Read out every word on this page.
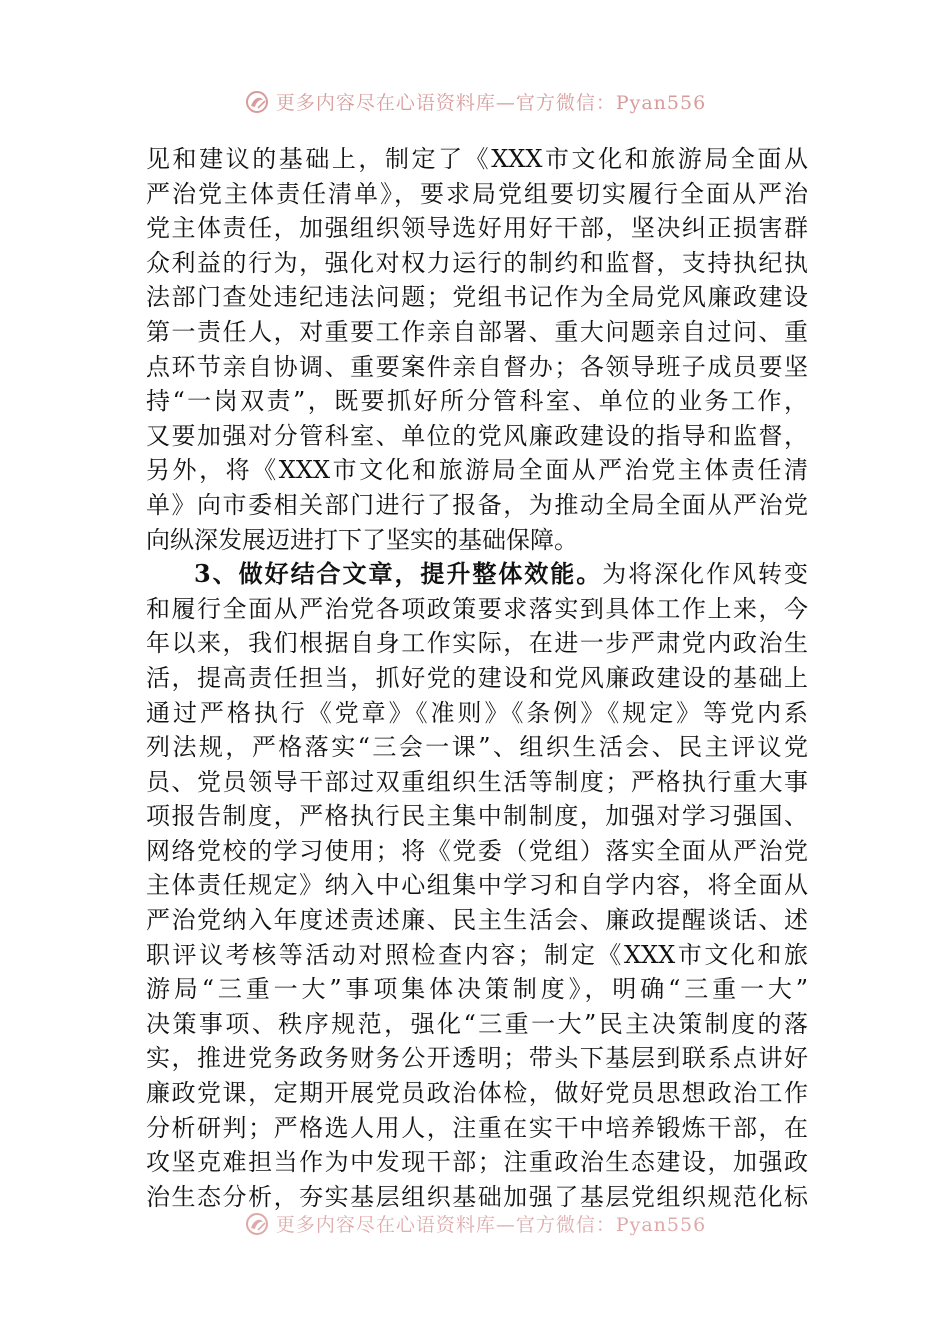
更多内容尽在心语资料库—官方微信：Pyan556
见和建议的基础上，制定了《XXX市文化和旅游局全面从
严治党主体责任清单》，要求局党组要切实履行全面从严治
党主体责任，加强组织领导选好用好干部，坚决纠正损害群
众利益的行为，强化对权力运行的制约和监督，支持执纪执
法部门查处违纪违法问题；党组书记作为全局党风廉政建设
第一责任人，对重要工作亲自部署、重大问题亲自过问、重
点环节亲自协调、重要案件亲自督办；各领导班子成员要坚
持“一岗双责”，既要抓好所分管科室、单位的业务工作，
又要加强对分管科室、单位的党风廉政建设的指导和监督，
另外，将《XXX市文化和旅游局全面从严治党主体责任清
单》向市委相关部门进行了报备，为推动全局全面从严治党
向纵深发展迈进打下了坚实的基础保障。
3、做好结合文章，提升整体效能。为将深化作风转变
和履行全面从严治党各项政策要求落实到具体工作上来，今
年以来，我们根据自身工作实际，在进一步严肃党内政治生
活，提高责任担当，抓好党的建设和党风廉政建设的基础上
通过严格执行《党章》《准则》《条例》《规定》等党内系
列法规，严格落实“三会一课”、组织生活会、民主评议党
员、党员领导干部过双重组织生活等制度；严格执行重大事
项报告制度，严格执行民主集中制制度，加强对学习强国、
网络党校的学习使用；将《党委（党组）落实全面从严治党
主体责任规定》纳入中心组集中学习和自学内容，将全面从
严治党纳入年度述责述廉、民主生活会、廉政提醒谈话、述
职评议考核等活动对照检查内容；制定《XXX市文化和旅
游局“三重一大”事项集体决策制度》，明确“三重一大”
决策事项、秩序规范，强化“三重一大”民主决策制度的落
实，推进党务政务财务公开透明；带头下基层到联系点讲好
廉政党课，定期开展党员政治体检，做好党员思想政治工作
分析研判；严格选人用人，注重在实干中培养锻炼干部，在
攻坚克难担当作为中发现干部；注重政治生态建设，加强政
治生态分析，夯实基层组织基础加强了基层党组织规范化标
更多内容尽在心语资料库—官方微信：Pyan556
